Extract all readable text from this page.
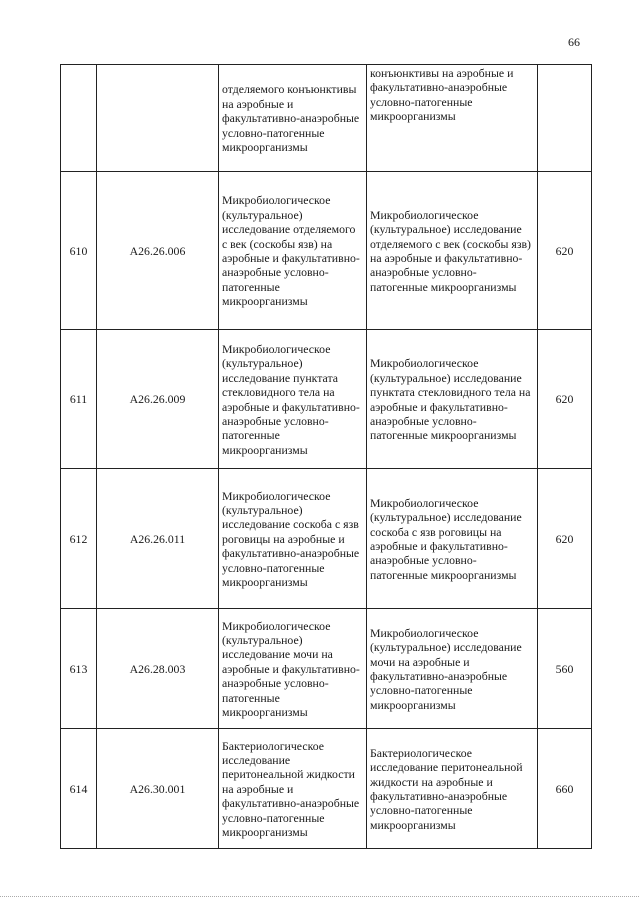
66
		отделяемого конъюнктивы на аэробные и факультативно-анаэробные условно-патогенные микроорганизмы	конъюнктивы на аэробные и факультативно-анаэробные условно-патогенные микроорганизмы	
610	А26.26.006	Микробиологическое (культуральное) исследование отделяемого с век (соскобы язв) на аэробные и факультативно-анаэробные условно-патогенные микроорганизмы	Микробиологическое (культуральное) исследование отделяемого с век (соскобы язв) на аэробные и факультативно-анаэробные условно-патогенные микроорганизмы	620
611	А26.26.009	Микробиологическое (культуральное) исследование пунктата стекловидного тела на аэробные и факультативно-анаэробные условно-патогенные микроорганизмы	Микробиологическое (культуральное) исследование пунктата стекловидного тела на аэробные и факультативно-анаэробные условно-патогенные микроорганизмы	620
612	А26.26.011	Микробиологическое (культуральное) исследование соскоба с язв роговицы на аэробные и факультативно-анаэробные условно-патогенные микроорганизмы	Микробиологическое (культуральное) исследование соскоба с язв роговицы на аэробные и факультативно-анаэробные условно-патогенные микроорганизмы	620
613	А26.28.003	Микробиологическое (культуральное) исследование мочи на аэробные и факультативно-анаэробные условно-патогенные микроорганизмы	Микробиологическое (культуральное) исследование мочи на аэробные и факультативно-анаэробные условно-патогенные микроорганизмы	560
614	А26.30.001	Бактериологическое исследование перитонеальной жидкости на аэробные и факультативно-анаэробные условно-патогенные микроорганизмы	Бактериологическое исследование перитонеальной жидкости на аэробные и факультативно-анаэробные условно-патогенные микроорганизмы	660
